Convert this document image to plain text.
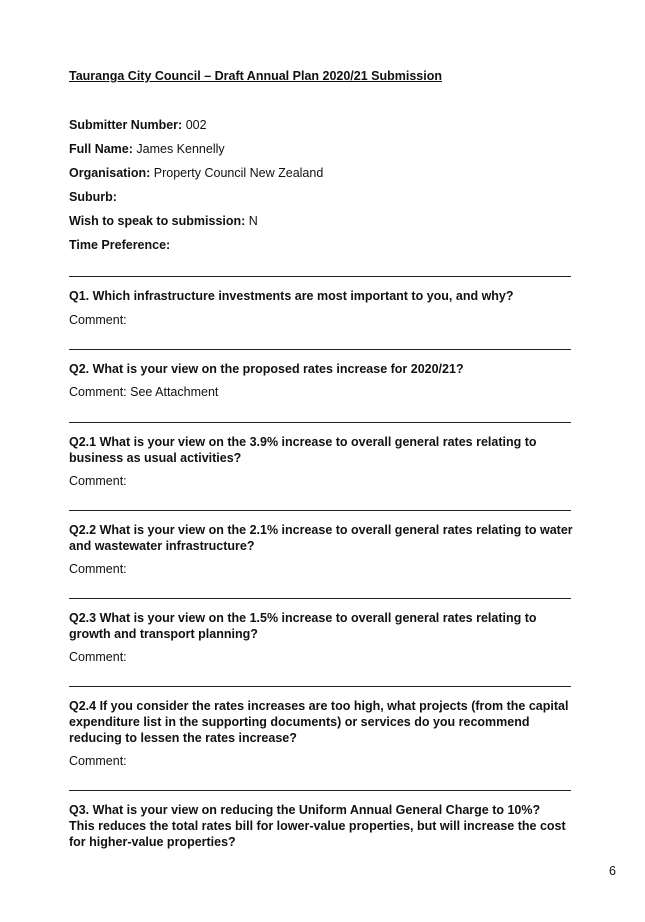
Tauranga City Council – Draft Annual Plan 2020/21 Submission
Submitter Number: 002
Full Name: James Kennelly
Organisation: Property Council New Zealand
Suburb:
Wish to speak to submission: N
Time Preference:
Q1. Which infrastructure investments are most important to you, and why?
Comment:
Q2. What is your view on the proposed rates increase for 2020/21?
Comment: See Attachment
Q2.1 What is your view on the 3.9% increase to overall general rates relating to business as usual activities?
Comment:
Q2.2 What is your view on the 2.1% increase to overall general rates relating to water and wastewater infrastructure?
Comment:
Q2.3 What is your view on the 1.5% increase to overall general rates relating to growth and transport planning?
Comment:
Q2.4 If you consider the rates increases are too high, what projects (from the capital expenditure list in the supporting documents) or services do you recommend reducing to lessen the rates increase?
Comment:
Q3. What is your view on reducing the Uniform Annual General Charge to 10%? This reduces the total rates bill for lower-value properties, but will increase the cost for higher-value properties?
6
